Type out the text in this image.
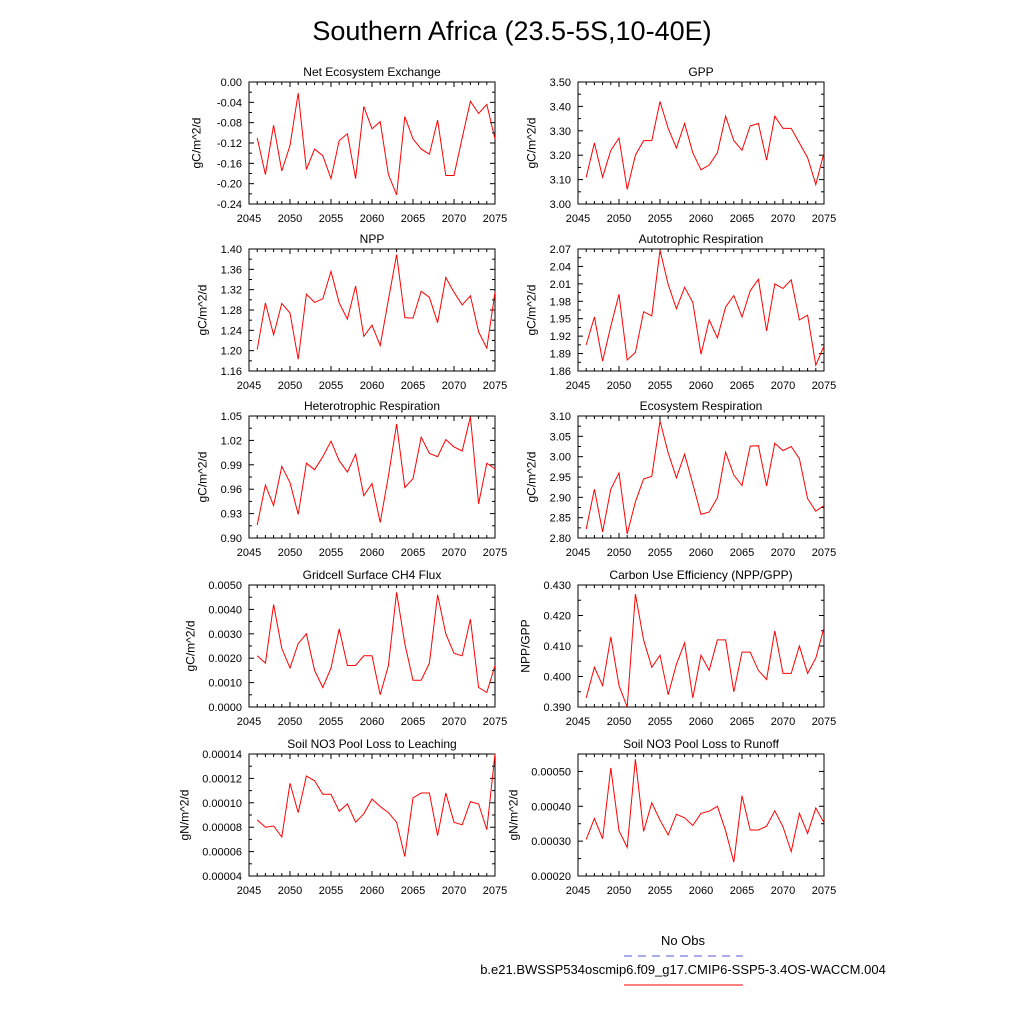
Southern Africa (23.5-5S,10-40E)
Net Ecosystem Exchange
2045 2050 2055 2060 2065 2070 2075
0.00
-0.04
-0.08
-0.12
-0.16
-0.20
-0.24
gC/m^2/d
GPP
2045 2050 2055 2060 2065 2070 2075
3.50
3.40
3.30
3.20
3.10
3.00
gC/m^2/d
NPP
2045 2050 2055 2060 2065 2070 2075
1.40
1.36
1.32
1.28
1.24
1.20
1.16
gC/m^2/d
Autotrophic Respiration
2045 2050 2055 2060 2065 2070 2075
2.07
2.04
2.01
1.98
1.95
1.92
1.89
1.86
gC/m^2/d
Heterotrophic Respiration
2045 2050 2055 2060 2065 2070 2075
1.05
1.02
0.99
0.96
0.93
0.90
gC/m^2/d
Ecosystem Respiration
2045 2050 2055 2060 2065 2070 2075
3.10
3.05
3.00
2.95
2.90
2.85
2.80
gC/m^2/d
Gridcell Surface CH4 Flux
2045 2050 2055 2060 2065 2070 2075
0.0050
0.0040
0.0030
0.0020
0.0010
0.0000
gC/m^2/d
Carbon Use Efficiency (NPP/GPP)
2045 2050 2055 2060 2065 2070 2075
0.430
0.420
0.410
0.400
0.390
NPP/GPP
Soil NO3 Pool Loss to Leaching
2045 2050 2055 2060 2065 2070 2075
0.00014
0.00012
0.00010
0.00008
0.00006
0.00004
gN/m^2/d
Soil NO3 Pool Loss to Runoff
2045 2050 2055 2060 2065 2070 2075
0.00050
0.00040
0.00030
0.00020
gN/m^2/d
No Obs
b.e21.BWSSP534oscmip6.f09_g17.CMIP6-SSP5-3.4OS-WACCM.004
